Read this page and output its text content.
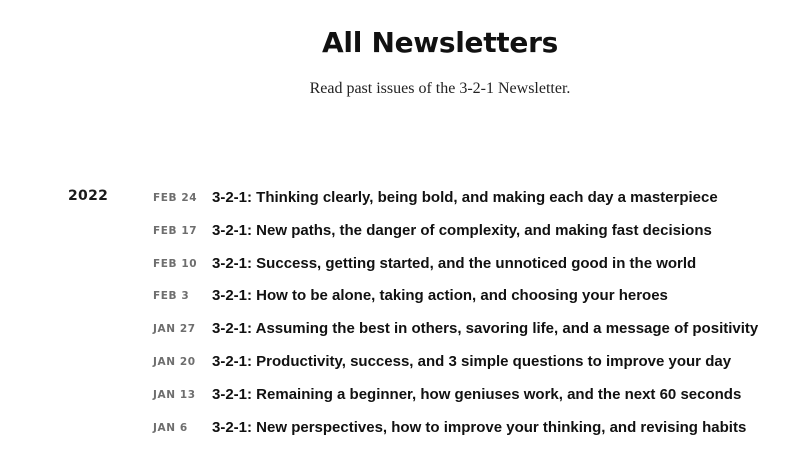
All Newsletters

Read past issues of the 3-2-1 Newsletter.

2022	FEB 24 3-2-1: Thinking clearly, being bold, and making each day a masterpiece
FEB 17 3-2-1: New paths, the danger of complexity, and making fast decisions
FEB 10 3-2-1: Success, getting started, and the unnoticed good in the world
FEB 3 3-2-1: How to be alone, taking action, and choosing your heroes
JAN 27 3-2-1: Assuming the best in others, savoring life, and a message of positivity
JAN 20 3-2-1: Productivity, success, and 3 simple questions to improve your day
JAN 13 3-2-1: Remaining a beginner, how geniuses work, and the next 60 seconds
JAN 6 3-2-1: New perspectives, how to improve your thinking, and revising habits
